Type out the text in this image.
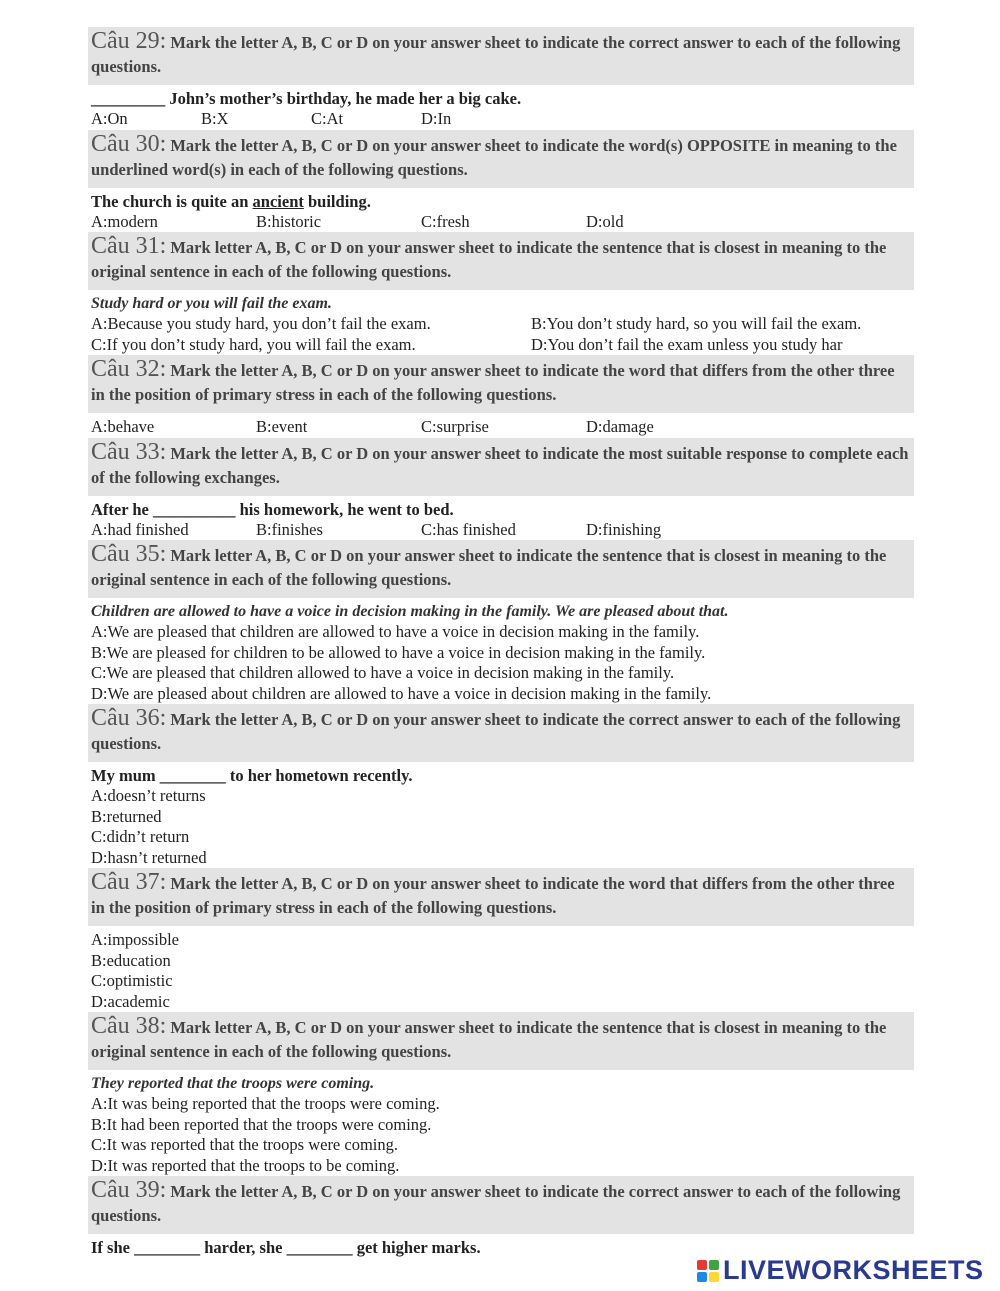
Câu 29: Mark the letter A, B, C or D on your answer sheet to indicate the correct answer to each of the following questions.
_________ John’s mother’s birthday, he made her a big cake.
A:On	B:X	C:At	D:In
Câu 30: Mark the letter A, B, C or D on your answer sheet to indicate the word(s) OPPOSITE in meaning to the underlined word(s) in each of the following questions.
The church is quite an ancient building.
A:modern	B:historic	C:fresh	D:old
Câu 31: Mark letter A, B, C or D on your answer sheet to indicate the sentence that is closest in meaning to the original sentence in each of the following questions.
Study hard or you will fail the exam.
A:Because you study hard, you don’t fail the exam.	B:You don’t study hard, so you will fail the exam.
C:If you don’t study hard, you will fail the exam.	D:You don’t fail the exam unless you study har
Câu 32: Mark the letter A, B, C or D on your answer sheet to indicate the word that differs from the other three in the position of primary stress in each of the following questions.
A:behave	B:event	C:surprise	D:damage
Câu 33: Mark the letter A, B, C or D on your answer sheet to indicate the most suitable response to complete each of the following exchanges.
After he __________ his homework, he went to bed.
A:had finished	B:finishes	C:has finished	D:finishing
Câu 35: Mark letter A, B, C or D on your answer sheet to indicate the sentence that is closest in meaning to the original sentence in each of the following questions.
Children are allowed to have a voice in decision making in the family. We are pleased about that.
A:We are pleased that children are allowed to have a voice in decision making in the family.
B:We are pleased for children to be allowed to have a voice in decision making in the family.
C:We are pleased that children allowed to have a voice in decision making in the family.
D:We are pleased about children are allowed to have a voice in decision making in the family.
Câu 36: Mark the letter A, B, C or D on your answer sheet to indicate the correct answer to each of the following questions.
My mum ________ to her hometown recently.
A:doesn’t returns
B:returned
C:didn’t return
D:hasn’t returned
Câu 37: Mark the letter A, B, C or D on your answer sheet to indicate the word that differs from the other three in the position of primary stress in each of the following questions.
A:impossible
B:education
C:optimistic
D:academic
Câu 38: Mark letter A, B, C or D on your answer sheet to indicate the sentence that is closest in meaning to the original sentence in each of the following questions.
They reported that the troops were coming.
A:It was being reported that the troops were coming.
B:It had been reported that the troops were coming.
C:It was reported that the troops were coming.
D:It was reported that the troops to be coming.
Câu 39: Mark the letter A, B, C or D on your answer sheet to indicate the correct answer to each of the following questions.
If she ________ harder, she ________ get higher marks.
LIVEWORKSHEETS
